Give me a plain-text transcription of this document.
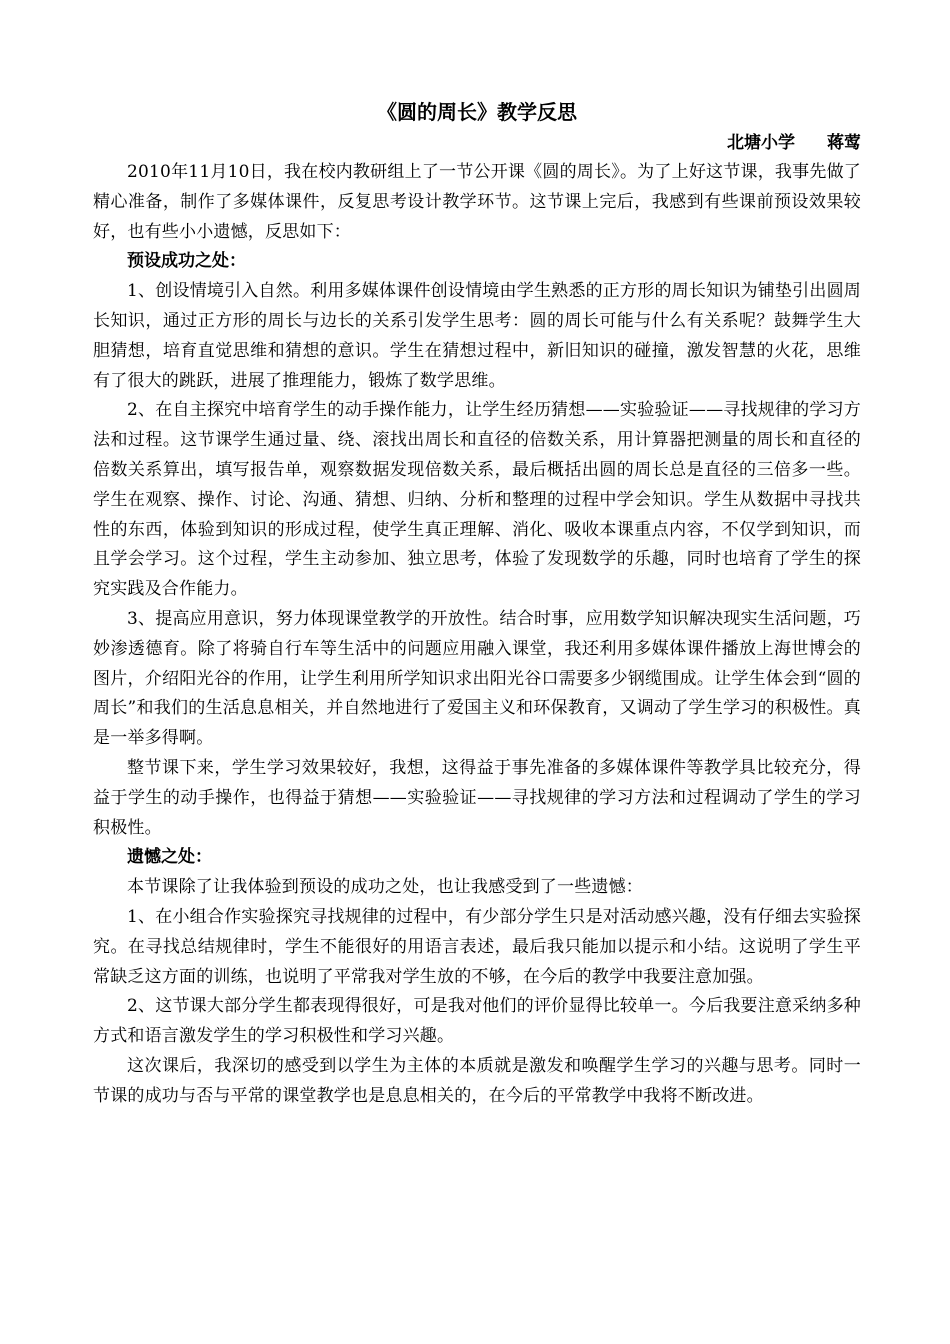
《圆的周长》教学反思
北塘小学 蒋莺

2010年11月10日，我在校内教研组上了一节公开课《圆的周长》。为了上好这节课，我事先做了精心准备，制作了多媒体课件，反复思考设计教学环节。这节课上完后，我感到有些课前预设效果较好，也有些小小遗憾，反思如下：

预设成功之处：

1、创设情境引入自然。利用多媒体课件创设情境由学生熟悉的正方形的周长知识为铺垫引出圆周长知识，通过正方形的周长与边长的关系引发学生思考：圆的周长可能与什么有关系呢？鼓舞学生大胆猜想，培育直觉思维和猜想的意识。学生在猜想过程中，新旧知识的碰撞，激发智慧的火花，思维有了很大的跳跃，进展了推理能力，锻炼了数学思维。

2、在自主探究中培育学生的动手操作能力，让学生经历猜想——实验验证——寻找规律的学习方法和过程。这节课学生通过量、绕、滚找出周长和直径的倍数关系，用计算器把测量的周长和直径的倍数关系算出，填写报告单，观察数据发现倍数关系，最后概括出圆的周长总是直径的三倍多一些。学生在观察、操作、讨论、沟通、猜想、归纳、分析和整理的过程中学会知识。学生从数据中寻找共性的东西，体验到知识的形成过程，使学生真正理解、消化、吸收本课重点内容，不仅学到知识，而且学会学习。这个过程，学生主动参加、独立思考，体验了发现数学的乐趣，同时也培育了学生的探究实践及合作能力。

3、提高应用意识，努力体现课堂教学的开放性。结合时事，应用数学知识解决现实生活问题，巧妙渗透德育。除了将骑自行车等生活中的问题应用融入课堂，我还利用多媒体课件播放上海世博会的图片，介绍阳光谷的作用，让学生利用所学知识求出阳光谷口需要多少钢缆围成。让学生体会到“圆的周长”和我们的生活息息相关，并自然地进行了爱国主义和环保教育，又调动了学生学习的积极性。真是一举多得啊。

整节课下来，学生学习效果较好，我想，这得益于事先准备的多媒体课件等教学具比较充分，得益于学生的动手操作，也得益于猜想——实验验证——寻找规律的学习方法和过程调动了学生的学习积极性。

遗憾之处：

本节课除了让我体验到预设的成功之处，也让我感受到了一些遗憾：

1、在小组合作实验探究寻找规律的过程中，有少部分学生只是对活动感兴趣，没有仔细去实验探究。在寻找总结规律时，学生不能很好的用语言表述，最后我只能加以提示和小结。这说明了学生平常缺乏这方面的训练，也说明了平常我对学生放的不够，在今后的教学中我要注意加强。

2、这节课大部分学生都表现得很好，可是我对他们的评价显得比较单一。今后我要注意采纳多种方式和语言激发学生的学习积极性和学习兴趣。

这次课后，我深切的感受到以学生为主体的本质就是激发和唤醒学生学习的兴趣与思考。同时一节课的成功与否与平常的课堂教学也是息息相关的，在今后的平常教学中我将不断改进。
